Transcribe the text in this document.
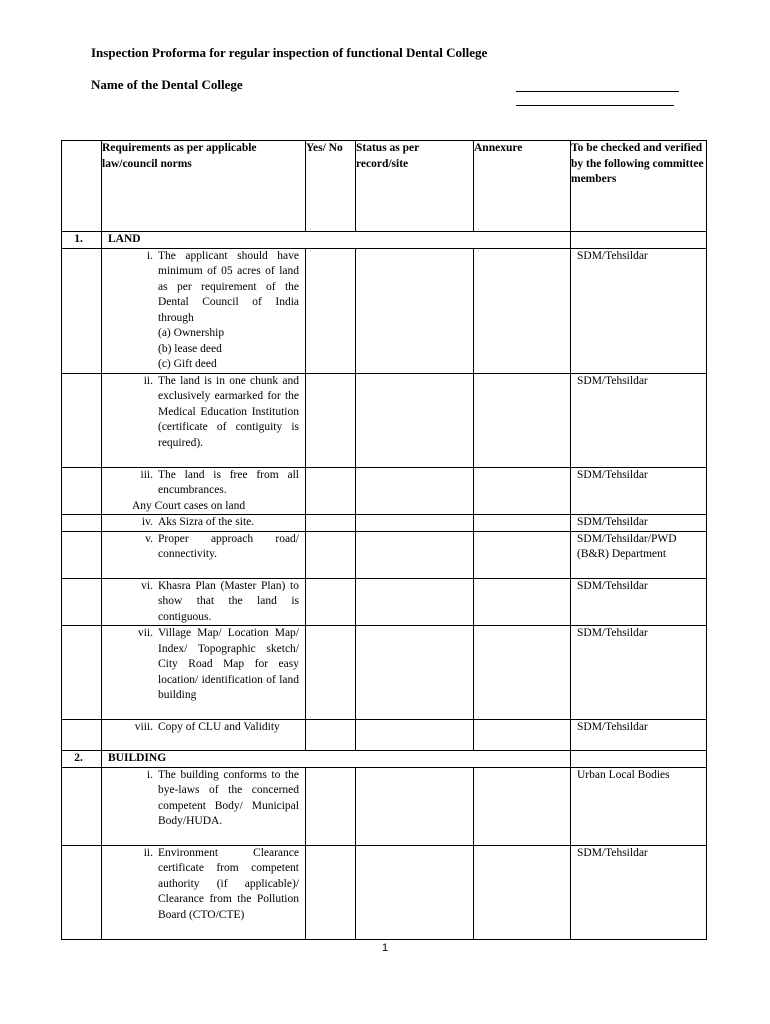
Inspection Proforma for regular inspection of functional Dental College
Name of the Dental College
	Requirements as per applicable law/council norms	Yes/ No	Status as per record/site	Annexure	To be checked and verified by the following committee members
1.	LAND				

	i. The applicant should have minimum of 05 acres of land as per requirement of the Dental Council of India through
(a) Ownership
(b) lease deed
(c) Gift deed				SDM/Tehsildar

	ii. The land is in one chunk and exclusively earmarked for the Medical Education Institution (certificate of contiguity is required).				SDM/Tehsildar

	iii. The land is free from all encumbrances.
Any Court cases on land				SDM/Tehsildar

	iv. Aks Sizra of the site.				SDM/Tehsildar

	v. Proper approach road/ connectivity.				SDM/Tehsildar/PWD (B&R) Department

	vi. Khasra Plan (Master Plan) to show that the land is contiguous.				SDM/Tehsildar

	vii. Village Map/ Location Map/ Index/ Topographic sketch/ City Road Map for easy location/ identification of land building				SDM/Tehsildar

	viii. Copy of CLU and Validity				SDM/Tehsildar
2.	BUILDING				

	i. The building conforms to the bye-laws of the concerned competent Body/ Municipal Body/HUDA.				Urban Local Bodies

	ii. Environment Clearance certificate from competent authority (if applicable)/ Clearance from the Pollution Board (CTO/CTE)				SDM/Tehsildar
1
